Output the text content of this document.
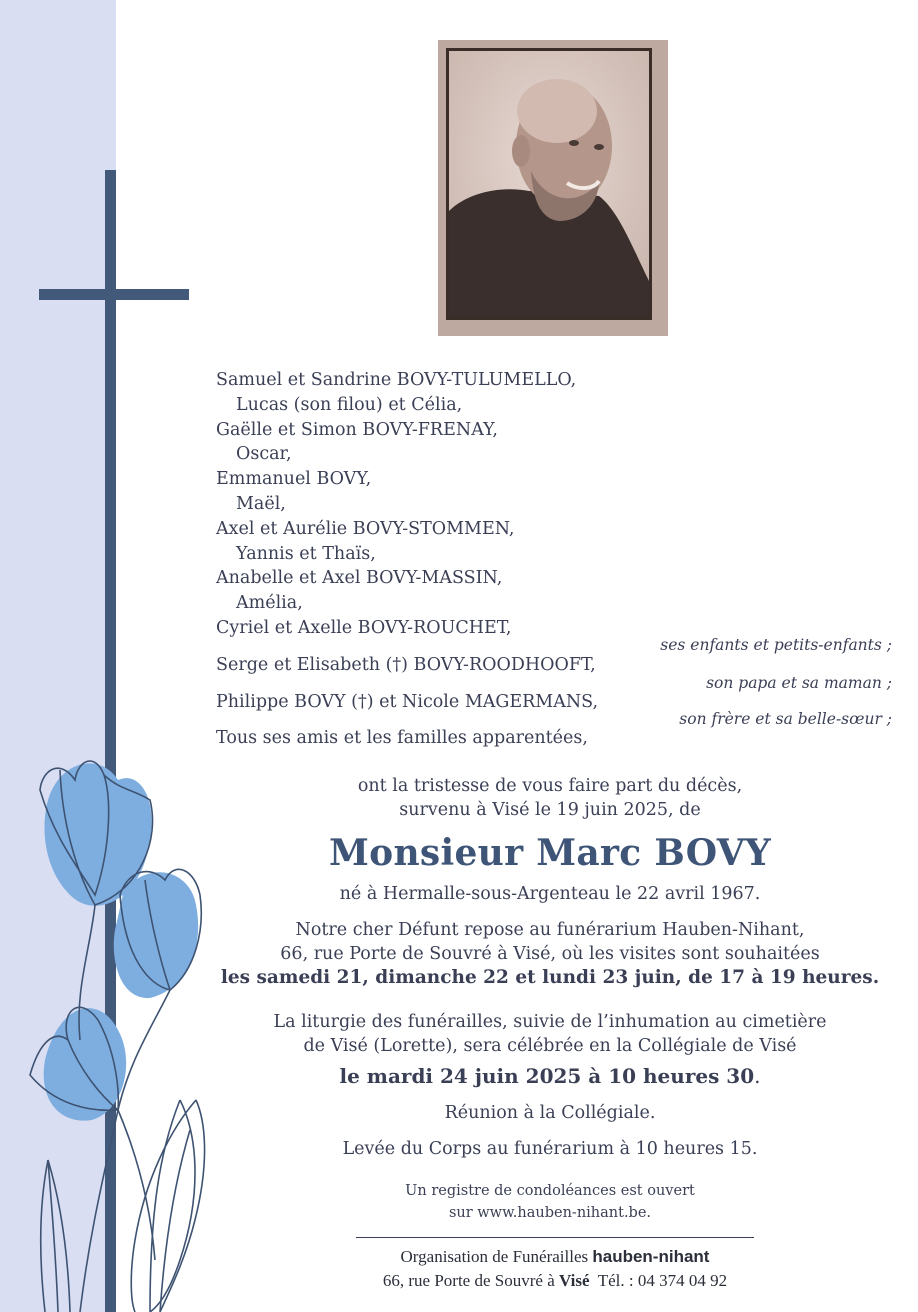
Samuel et Sandrine BOVY-TULUMELLO,
Lucas (son filou) et Célia,
Gaëlle et Simon BOVY-FRENAY,
Oscar,
Emmanuel BOVY,
Maël,
Axel et Aurélie BOVY-STOMMEN,
Yannis et Thaïs,
Anabelle et Axel BOVY-MASSIN,
Amélia,
Cyriel et Axelle BOVY-ROUCHET,
Serge et Elisabeth (†) BOVY-ROODHOOFT,
Philippe BOVY (†) et Nicole MAGERMANS,
Tous ses amis et les familles apparentées,
ses enfants et petits-enfants ;
son papa et sa maman ;
son frère et sa belle-sœur ;
ont la tristesse de vous faire part du décès,
survenu à Visé le 19 juin 2025, de
Monsieur Marc BOVY
né à Hermalle-sous-Argenteau le 22 avril 1967.
Notre cher Défunt repose au funérarium Hauben-Nihant,
66, rue Porte de Souvré à Visé, où les visites sont souhaitées
les samedi 21, dimanche 22 et lundi 23 juin, de 17 à 19 heures.
La liturgie des funérailles, suivie de l’inhumation au cimetière
de Visé (Lorette), sera célébrée en la Collégiale de Visé
le mardi 24 juin 2025 à 10 heures 30.
Réunion à la Collégiale.
Levée du Corps au funérarium à 10 heures 15.
Un registre de condoléances est ouvert
sur www.hauben-nihant.be.
Organisation de Funérailles hauben-nihant
66, rue Porte de Souvré à Visé Tél. : 04 374 04 92
